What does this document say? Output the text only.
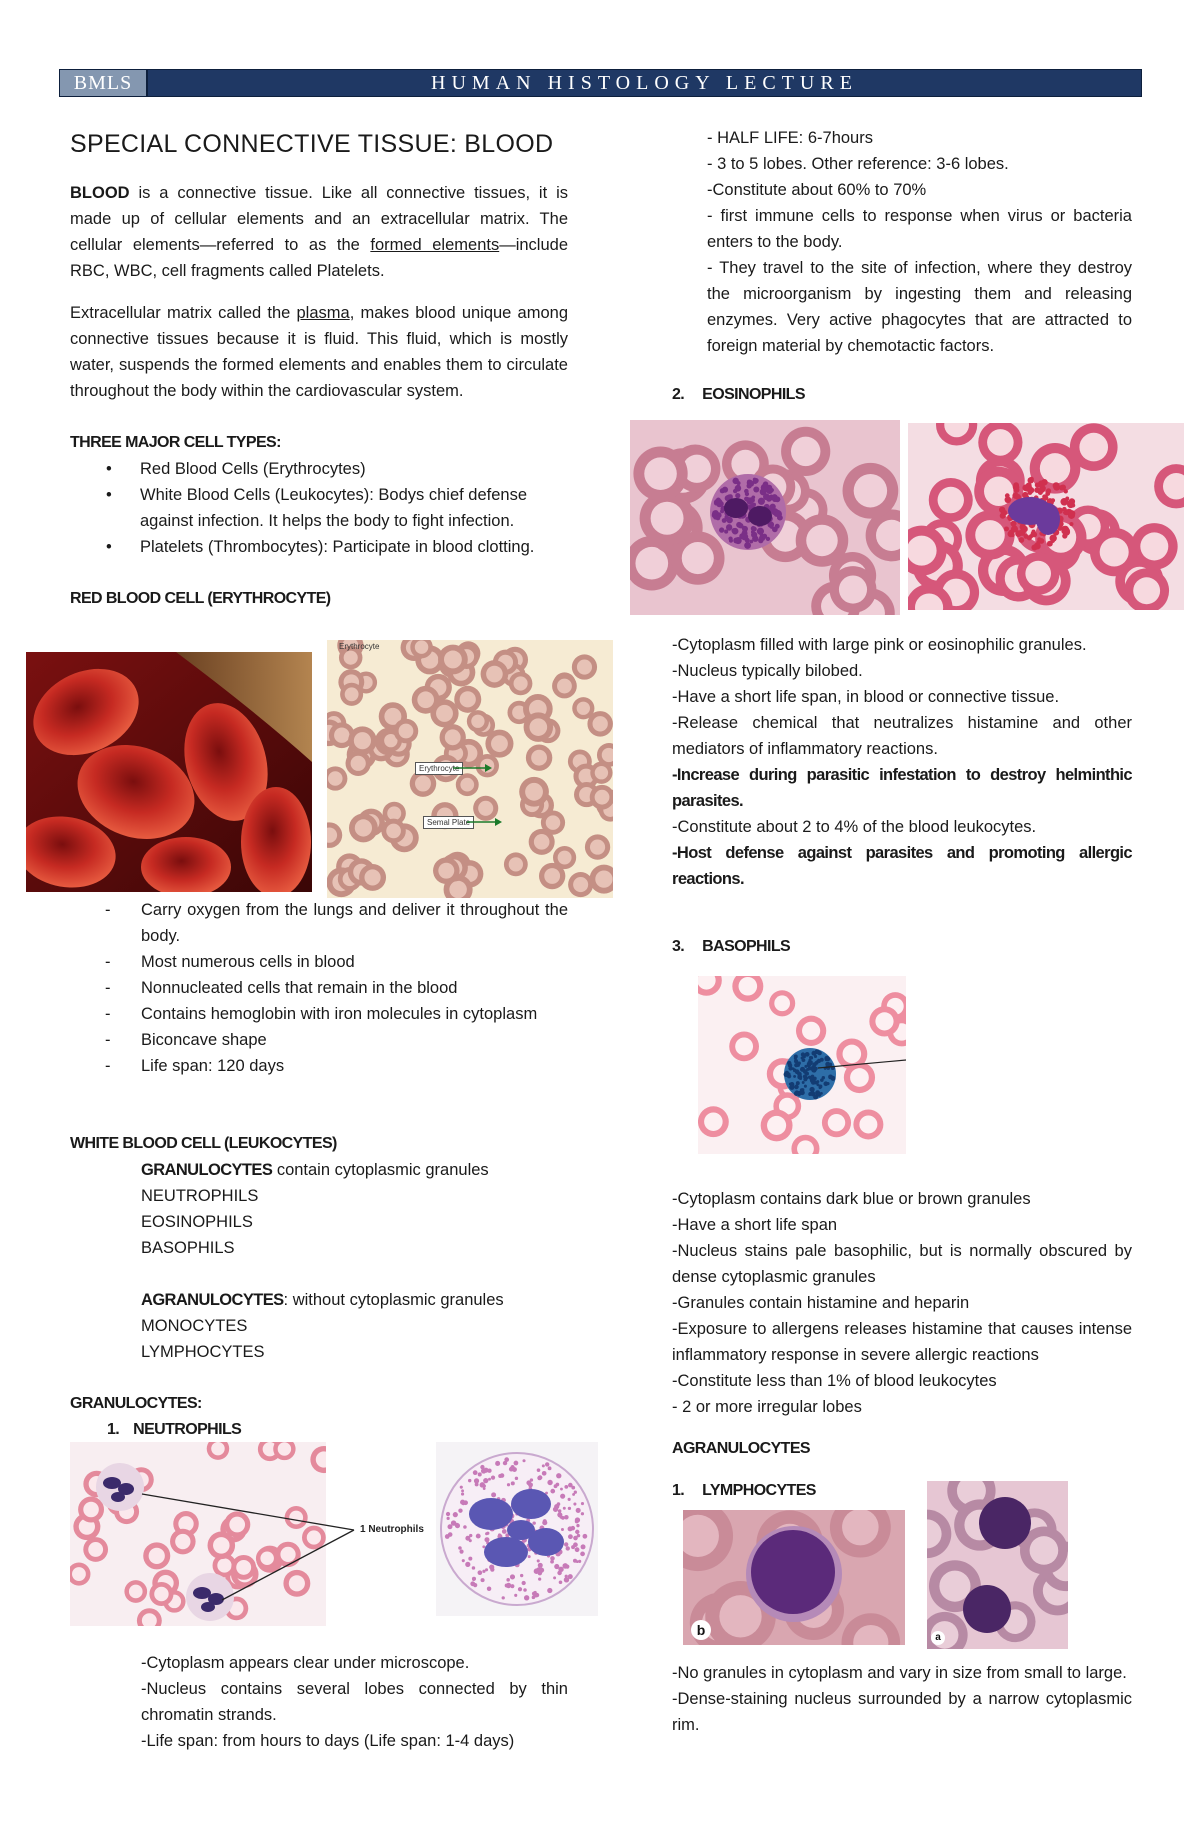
BMLS	HUMAN HISTOLOGY LECTURE
SPECIAL CONNECTIVE TISSUE: BLOOD

BLOOD is a connective tissue. Like all connective tissues, it is made up of cellular elements and an extracellular matrix. The cellular elements—referred to as the formed elements—include RBC, WBC, cell fragments called Platelets.

Extracellular matrix called the plasma, makes blood unique among connective tissues because it is fluid. This fluid, which is mostly water, suspends the formed elements and enables them to circulate throughout the body within the cardiovascular system.

THREE MAJOR CELL TYPES:

• Red Blood Cells (Erythrocytes)
• White Blood Cells (Leukocytes): Bodys chief defense against infection. It helps the body to fight infection.
• Platelets (Thrombocytes): Participate in blood clotting.

RED BLOOD CELL (ERYTHROCYTE)

Erythrocyte
Erythrocyte
Semal Plate
- Carry oxygen from the lungs and deliver it throughout the body.
- Most numerous cells in blood
- Nonnucleated cells that remain in the blood
- Contains hemoglobin with iron molecules in cytoplasm
- Biconcave shape
- Life span: 120 days

WHITE BLOOD CELL (LEUKOCYTES)

GRANULOCYTES contain cytoplasmic granules

NEUTROPHILS

EOSINOPHILS

BASOPHILS

AGRANULOCYTES: without cytoplasmic granules

MONOCYTES

LYMPHOCYTES

GRANULOCYTES:

1. NEUTROPHILS

1 Neutrophils

-Cytoplasm appears clear under microscope.

-Nucleus contains several lobes connected by thin chromatin strands.

-Life span: from hours to days (Life span: 1-4 days)

- HALF LIFE: 6-7hours

- 3 to 5 lobes. Other reference: 3-6 lobes.

-Constitute about 60% to 70%

- first immune cells to response when virus or bacteria enters to the body.

- They travel to the site of infection, where they destroy the microorganism by ingesting them and releasing enzymes. Very active phagocytes that are attracted to foreign material by chemotactic factors.

2. EOSINOPHILS

-Cytoplasm filled with large pink or eosinophilic granules.

-Nucleus typically bilobed.

-Have a short life span, in blood or connective tissue.

-Release chemical that neutralizes histamine and other mediators of inflammatory reactions.

-Increase during parasitic infestation to destroy helminthic parasites.

-Constitute about 2 to 4% of the blood leukocytes.

-Host defense against parasites and promoting allergic reactions.

3. BASOPHILS

-Cytoplasm contains dark blue or brown granules

-Have a short life span

-Nucleus stains pale basophilic, but is normally obscured by dense cytoplasmic granules

-Granules contain histamine and heparin

-Exposure to allergens releases histamine that causes intense inflammatory response in severe allergic reactions

-Constitute less than 1% of blood leukocytes

- 2 or more irregular lobes

AGRANULOCYTES

1. LYMPHOCYTES

b	a

-No granules in cytoplasm and vary in size from small to large.

-Dense-staining nucleus surrounded by a narrow cytoplasmic rim.
